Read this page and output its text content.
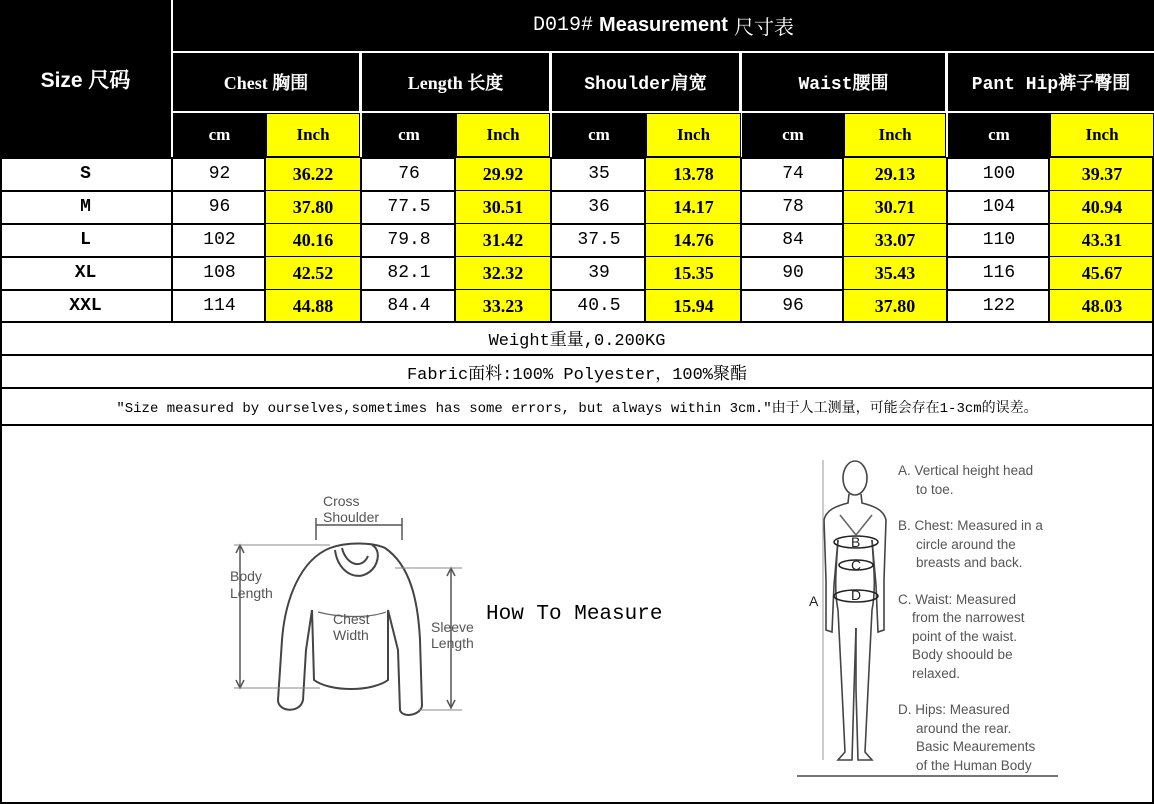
Size 尺码
D019# Measurement 尺寸表
Chest 胸围	Length 长度	Shoulder肩宽	Waist腰围	Pant Hip裤子臀围
cm	Inch	cm	Inch	cm	Inch	cm	Inch	cm	Inch
S	92	36.22	76	29.92	35	13.78	74	29.13	100	39.37
M	96	37.80	77.5	30.51	36	14.17	78	30.71	104	40.94
L	102	40.16	79.8	31.42	37.5	14.76	84	33.07	110	43.31
XL	108	42.52	82.1	32.32	39	15.35	90	35.43	116	45.67
XXL	114	44.88	84.4	33.23	40.5	15.94	96	37.80	122	48.03
Weight重量,0.200KG
Fabric面料:100% Polyester，100%聚酯
"Size measured by ourselves,sometimes has some errors, but always within 3cm."由于人工测量，可能会存在1-3cm的误差。
Cross
Shoulder
Body
Length
Chest
Width	Sleeve
Length
A
B
C
D
How To Measure

A. Vertical height head

to toe.

B. Chest: Measured in a

circle around the

breasts and back.

C. Waist: Measured

from the narrowest

point of the waist.

Body shoould be

relaxed.

D. Hips: Measured

around the rear.

Basic Meaurements

of the Human Body
